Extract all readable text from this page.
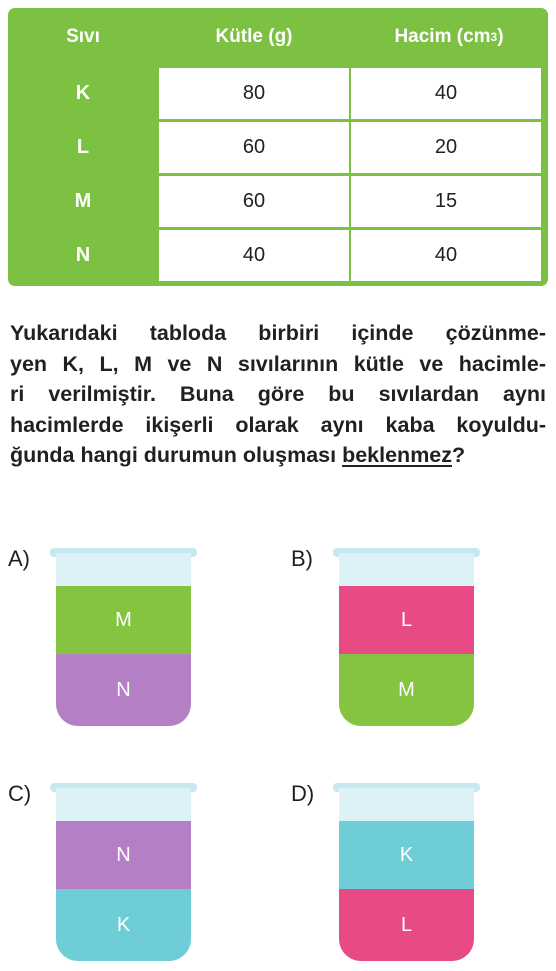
Sıvı	Kütle (g)	Hacim (cm 3 )
K	80	40
L	60	20
M	60	15
N	40	40
Yukarıdaki tabloda birbiri içinde çözünme-
yen K, L, M ve N sıvılarının kütle ve hacimle-
ri verilmiştir. Buna göre bu sıvılardan aynı
hacimlerde ikişerli olarak aynı kaba koyuldu-
ğunda hangi durumun oluşması beklenmez?
A)
M
N
B)
L
M
C)
N
K
D)
K
L
